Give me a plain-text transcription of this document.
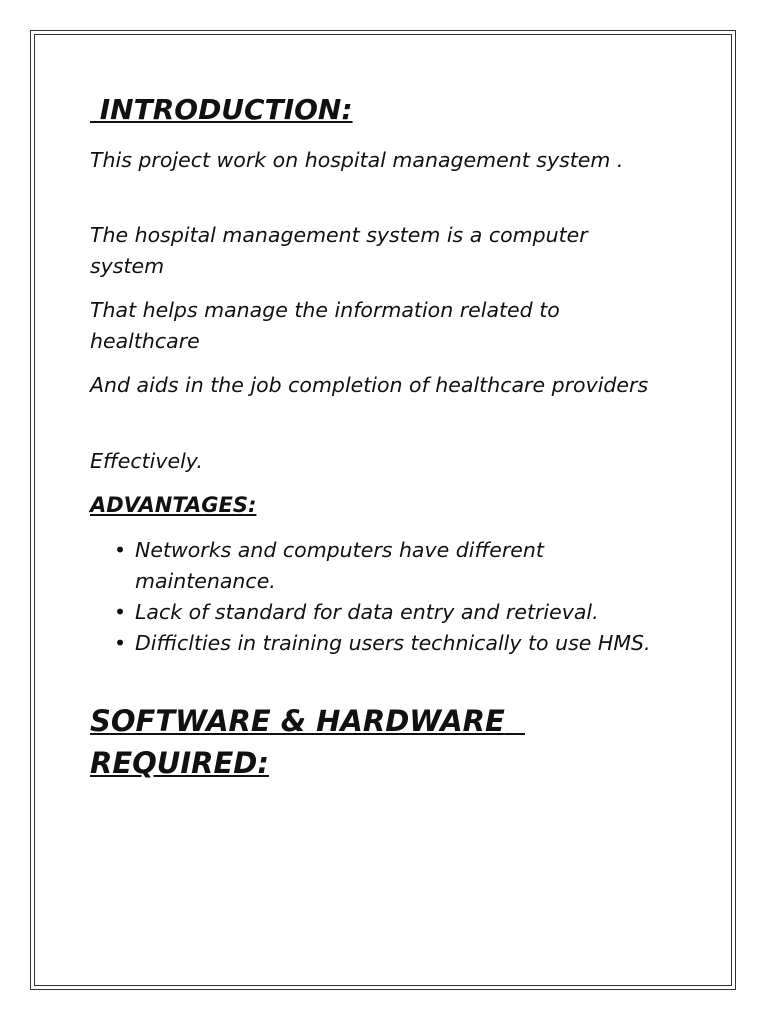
INTRODUCTION:
This project work on hospital management system .
The hospital management system is a computer system
That helps manage the information related to healthcare
And aids in the job completion of healthcare providers
Effectively.
ADVANTAGES:
• Networks and computers have different maintenance.
• Lack of standard for data entry and retrieval.
• Difficlties in training users technically to use HMS.
SOFTWARE & HARDWARE  REQUIRED:
